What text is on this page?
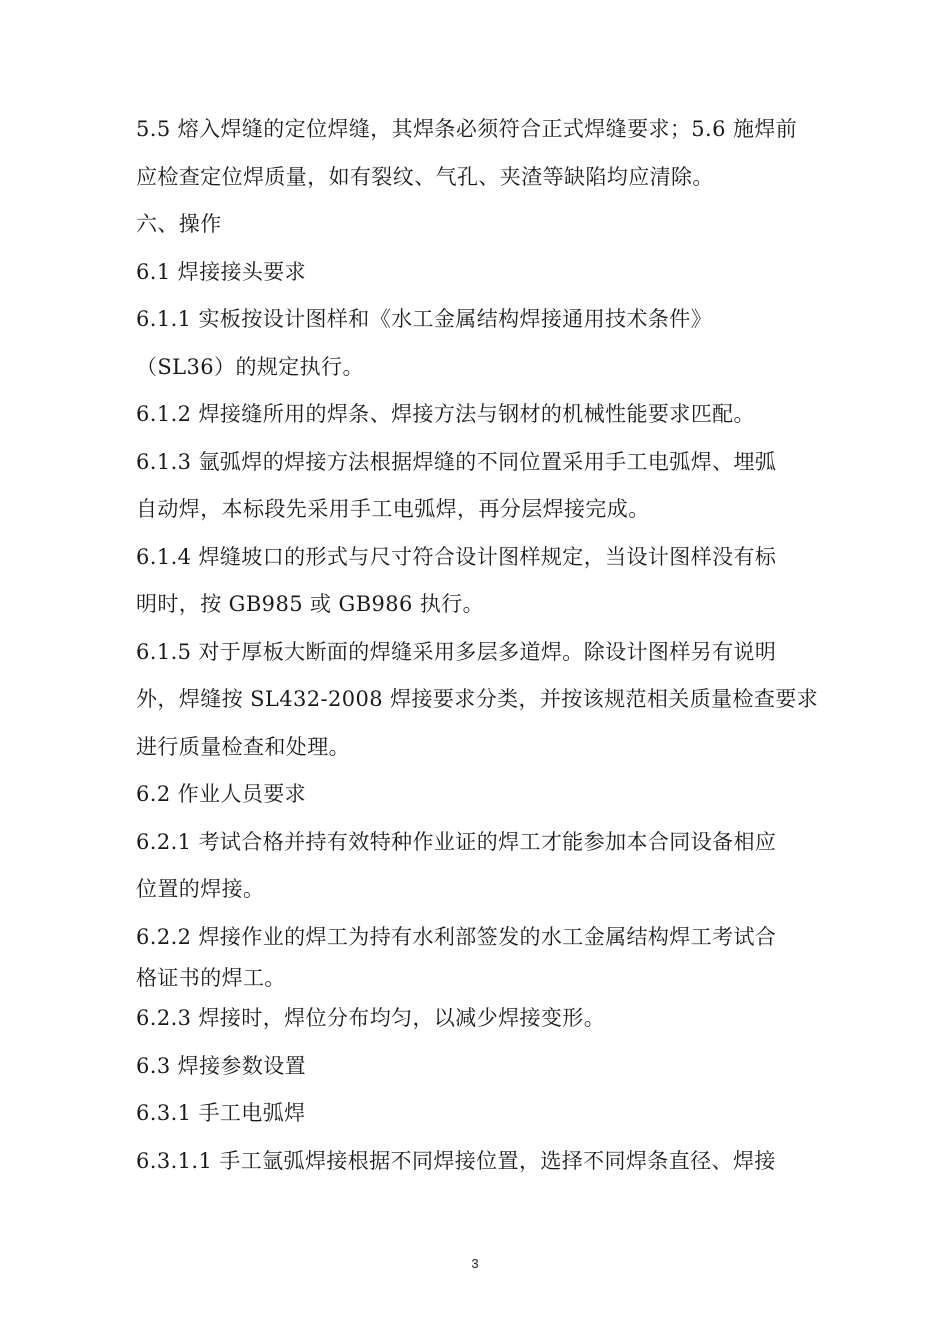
5.5 熔入焊缝的定位焊缝，其焊条必须符合正式焊缝要求；5.6 施焊前
应检查定位焊质量，如有裂纹、气孔、夹渣等缺陷均应清除。
六、操作
6.1 焊接接头要求
6.1.1 实板按设计图样和《水工金属结构焊接通用技术条件》
（SL36）的规定执行。
6.1.2 焊接缝所用的焊条、焊接方法与钢材的机械性能要求匹配。
6.1.3 氩弧焊的焊接方法根据焊缝的不同位置采用手工电弧焊、埋弧
自动焊，本标段先采用手工电弧焊，再分层焊接完成。
6.1.4 焊缝坡口的形式与尺寸符合设计图样规定，当设计图样没有标
明时，按 GB985 或 GB986 执行。
6.1.5 对于厚板大断面的焊缝采用多层多道焊。除设计图样另有说明
外，焊缝按 SL432-2008 焊接要求分类，并按该规范相关质量检查要求
进行质量检查和处理。
6.2 作业人员要求
6.2.1 考试合格并持有效特种作业证的焊工才能参加本合同设备相应
位置的焊接。
6.2.2 焊接作业的焊工为持有水利部签发的水工金属结构焊工考试合
格证书的焊工。
6.2.3 焊接时，焊位分布均匀，以减少焊接变形。
6.3 焊接参数设置
6.3.1 手工电弧焊
6.3.1.1 手工氩弧焊接根据不同焊接位置，选择不同焊条直径、焊接
3
